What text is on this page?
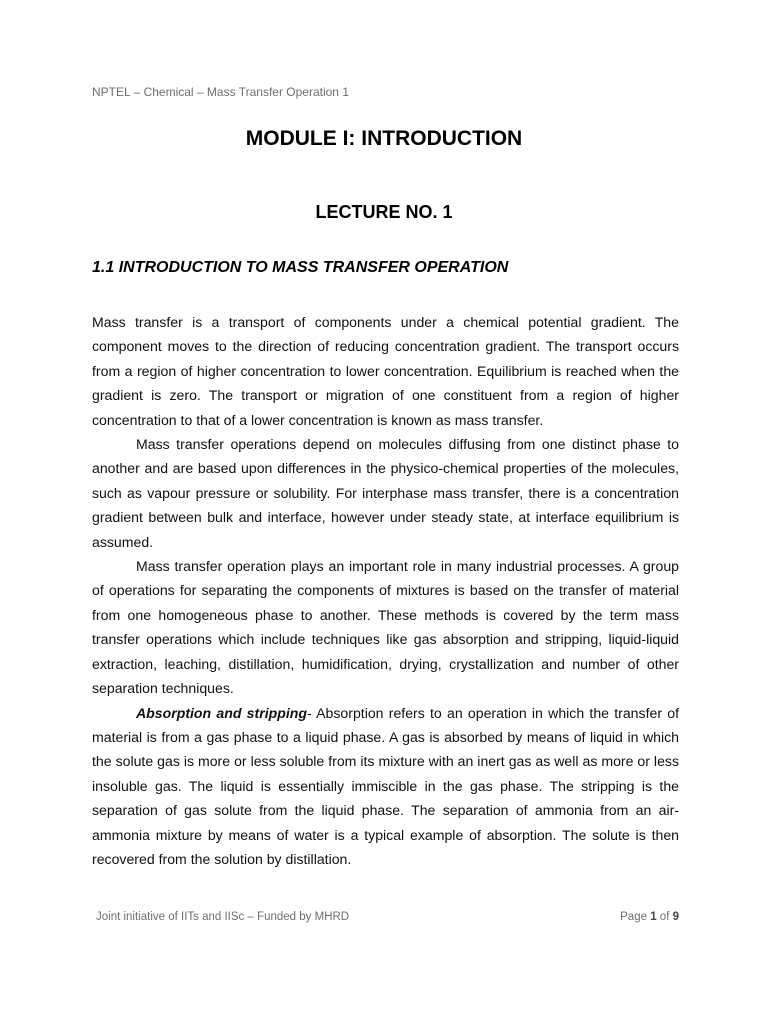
NPTEL – Chemical – Mass Transfer Operation 1
MODULE I: INTRODUCTION
LECTURE NO. 1
1.1 INTRODUCTION TO MASS TRANSFER OPERATION

Mass transfer is a transport of components under a chemical potential gradient. The component moves to the direction of reducing concentration gradient. The transport occurs from a region of higher concentration to lower concentration. Equilibrium is reached when the gradient is zero. The transport or migration of one constituent from a region of higher concentration to that of a lower concentration is known as mass transfer.

Mass transfer operations depend on molecules diffusing from one distinct phase to another and are based upon differences in the physico-chemical properties of the molecules, such as vapour pressure or solubility. For interphase mass transfer, there is a concentration gradient between bulk and interface, however under steady state, at interface equilibrium is assumed.

Mass transfer operation plays an important role in many industrial processes. A group of operations for separating the components of mixtures is based on the transfer of material from one homogeneous phase to another. These methods is covered by the term mass transfer operations which include techniques like gas absorption and stripping, liquid-liquid extraction, leaching, distillation, humidification, drying, crystallization and number of other separation techniques.

Absorption and stripping- Absorption refers to an operation in which the transfer of material is from a gas phase to a liquid phase. A gas is absorbed by means of liquid in which the solute gas is more or less soluble from its mixture with an inert gas as well as more or less insoluble gas. The liquid is essentially immiscible in the gas phase. The stripping is the separation of gas solute from the liquid phase. The separation of ammonia from an air-ammonia mixture by means of water is a typical example of absorption. The solute is then recovered from the solution by distillation.

Joint initiative of IITs and IISc – Funded by MHRD	Page 1 of 9
